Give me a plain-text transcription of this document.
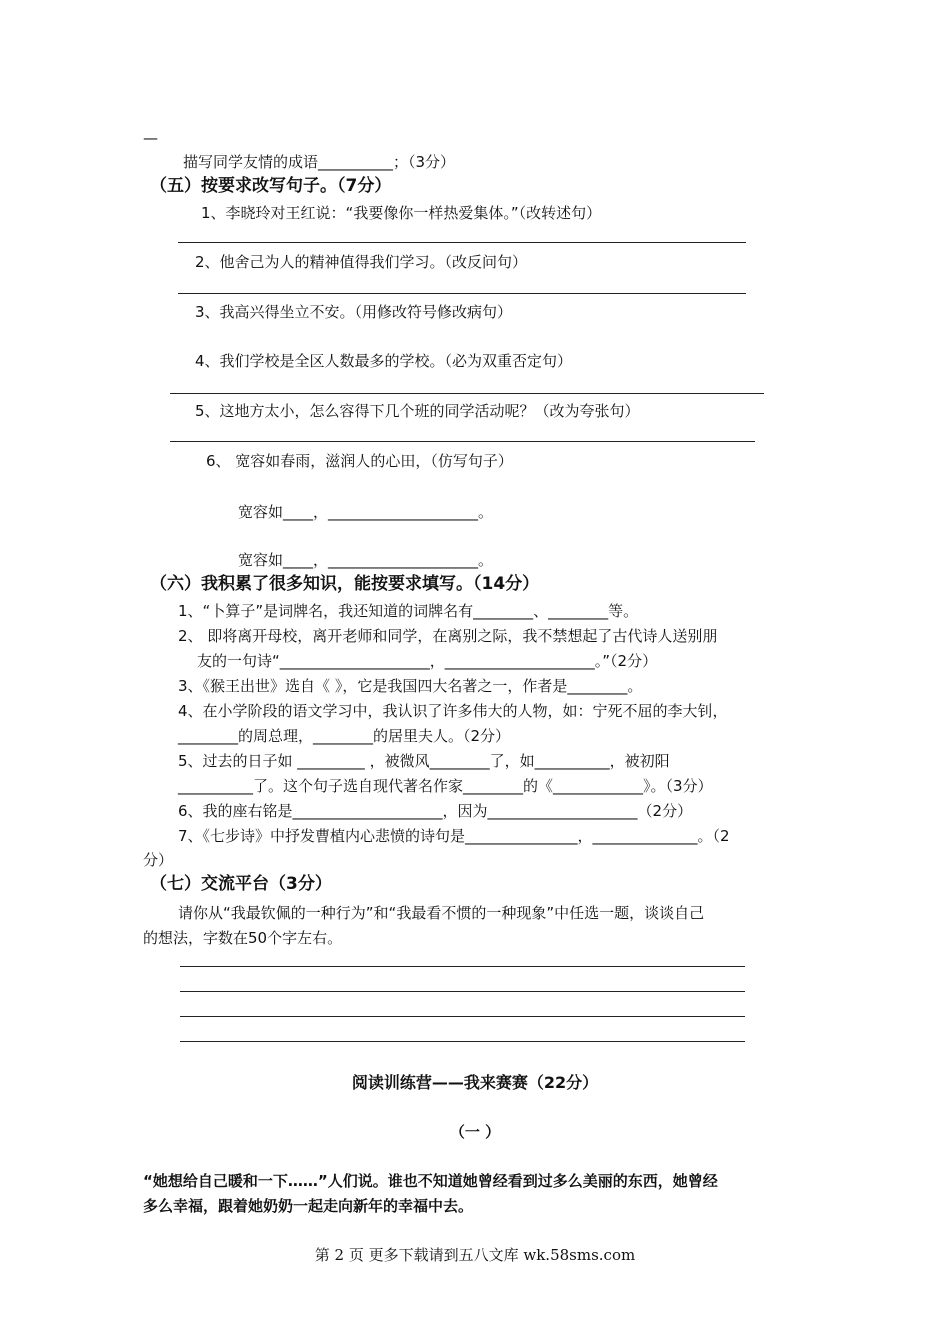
—
描写同学友情的成语__________；（3分）
（五）按要求改写句子。（7分）
1、李晓玲对王红说：“我要像你一样热爱集体。”（改转述句）
2、他舍己为人的精神值得我们学习。（改反问句）
3、我高兴得坐立不安。（用修改符号修改病句）
4、我们学校是全区人数最多的学校。（必为双重否定句）
5、这地方太小，怎么容得下几个班的同学活动呢？（改为夸张句）
6、 宽容如春雨，滋润人的心田，（仿写句子）
宽容如____，____________________。
宽容如____，____________________。
（六）我积累了很多知识，能按要求填写。（14分）
1、“卜算子”是词牌名，我还知道的词牌名有________、________等。
2、 即将离开母校，离开老师和同学，在离别之际，我不禁想起了古代诗人送别朋
友的一句诗“____________________，____________________。”（2分）
3、《猴王出世》选自《 》，它是我国四大名著之一，作者是________。
4、在小学阶段的语文学习中，我认识了许多伟大的人物，如：宁死不屈的李大钊，
________的周总理，________的居里夫人。（2分）
5、过去的日子如 _________ ，被微风________了，如__________，被初阳
__________了。这个句子选自现代著名作家________的《____________》。（3分）
6、我的座右铭是____________________，因为____________________（2分）
7、《七步诗》中抒发曹植内心悲愤的诗句是_______________，______________。（2
分）
（七）交流平台（3分）
请你从“我最钦佩的一种行为”和“我最看不惯的一种现象”中任选一题，谈谈自己
的想法，字数在50个字左右。
阅读训练营——我来赛赛（22分）
（一 ）
“她想给自己暖和一下……”人们说。谁也不知道她曾经看到过多么美丽的东西，她曾经
多么幸福，跟着她奶奶一起走向新年的幸福中去。
第 2 页 更多下载请到五八文库 wk.58sms.com
